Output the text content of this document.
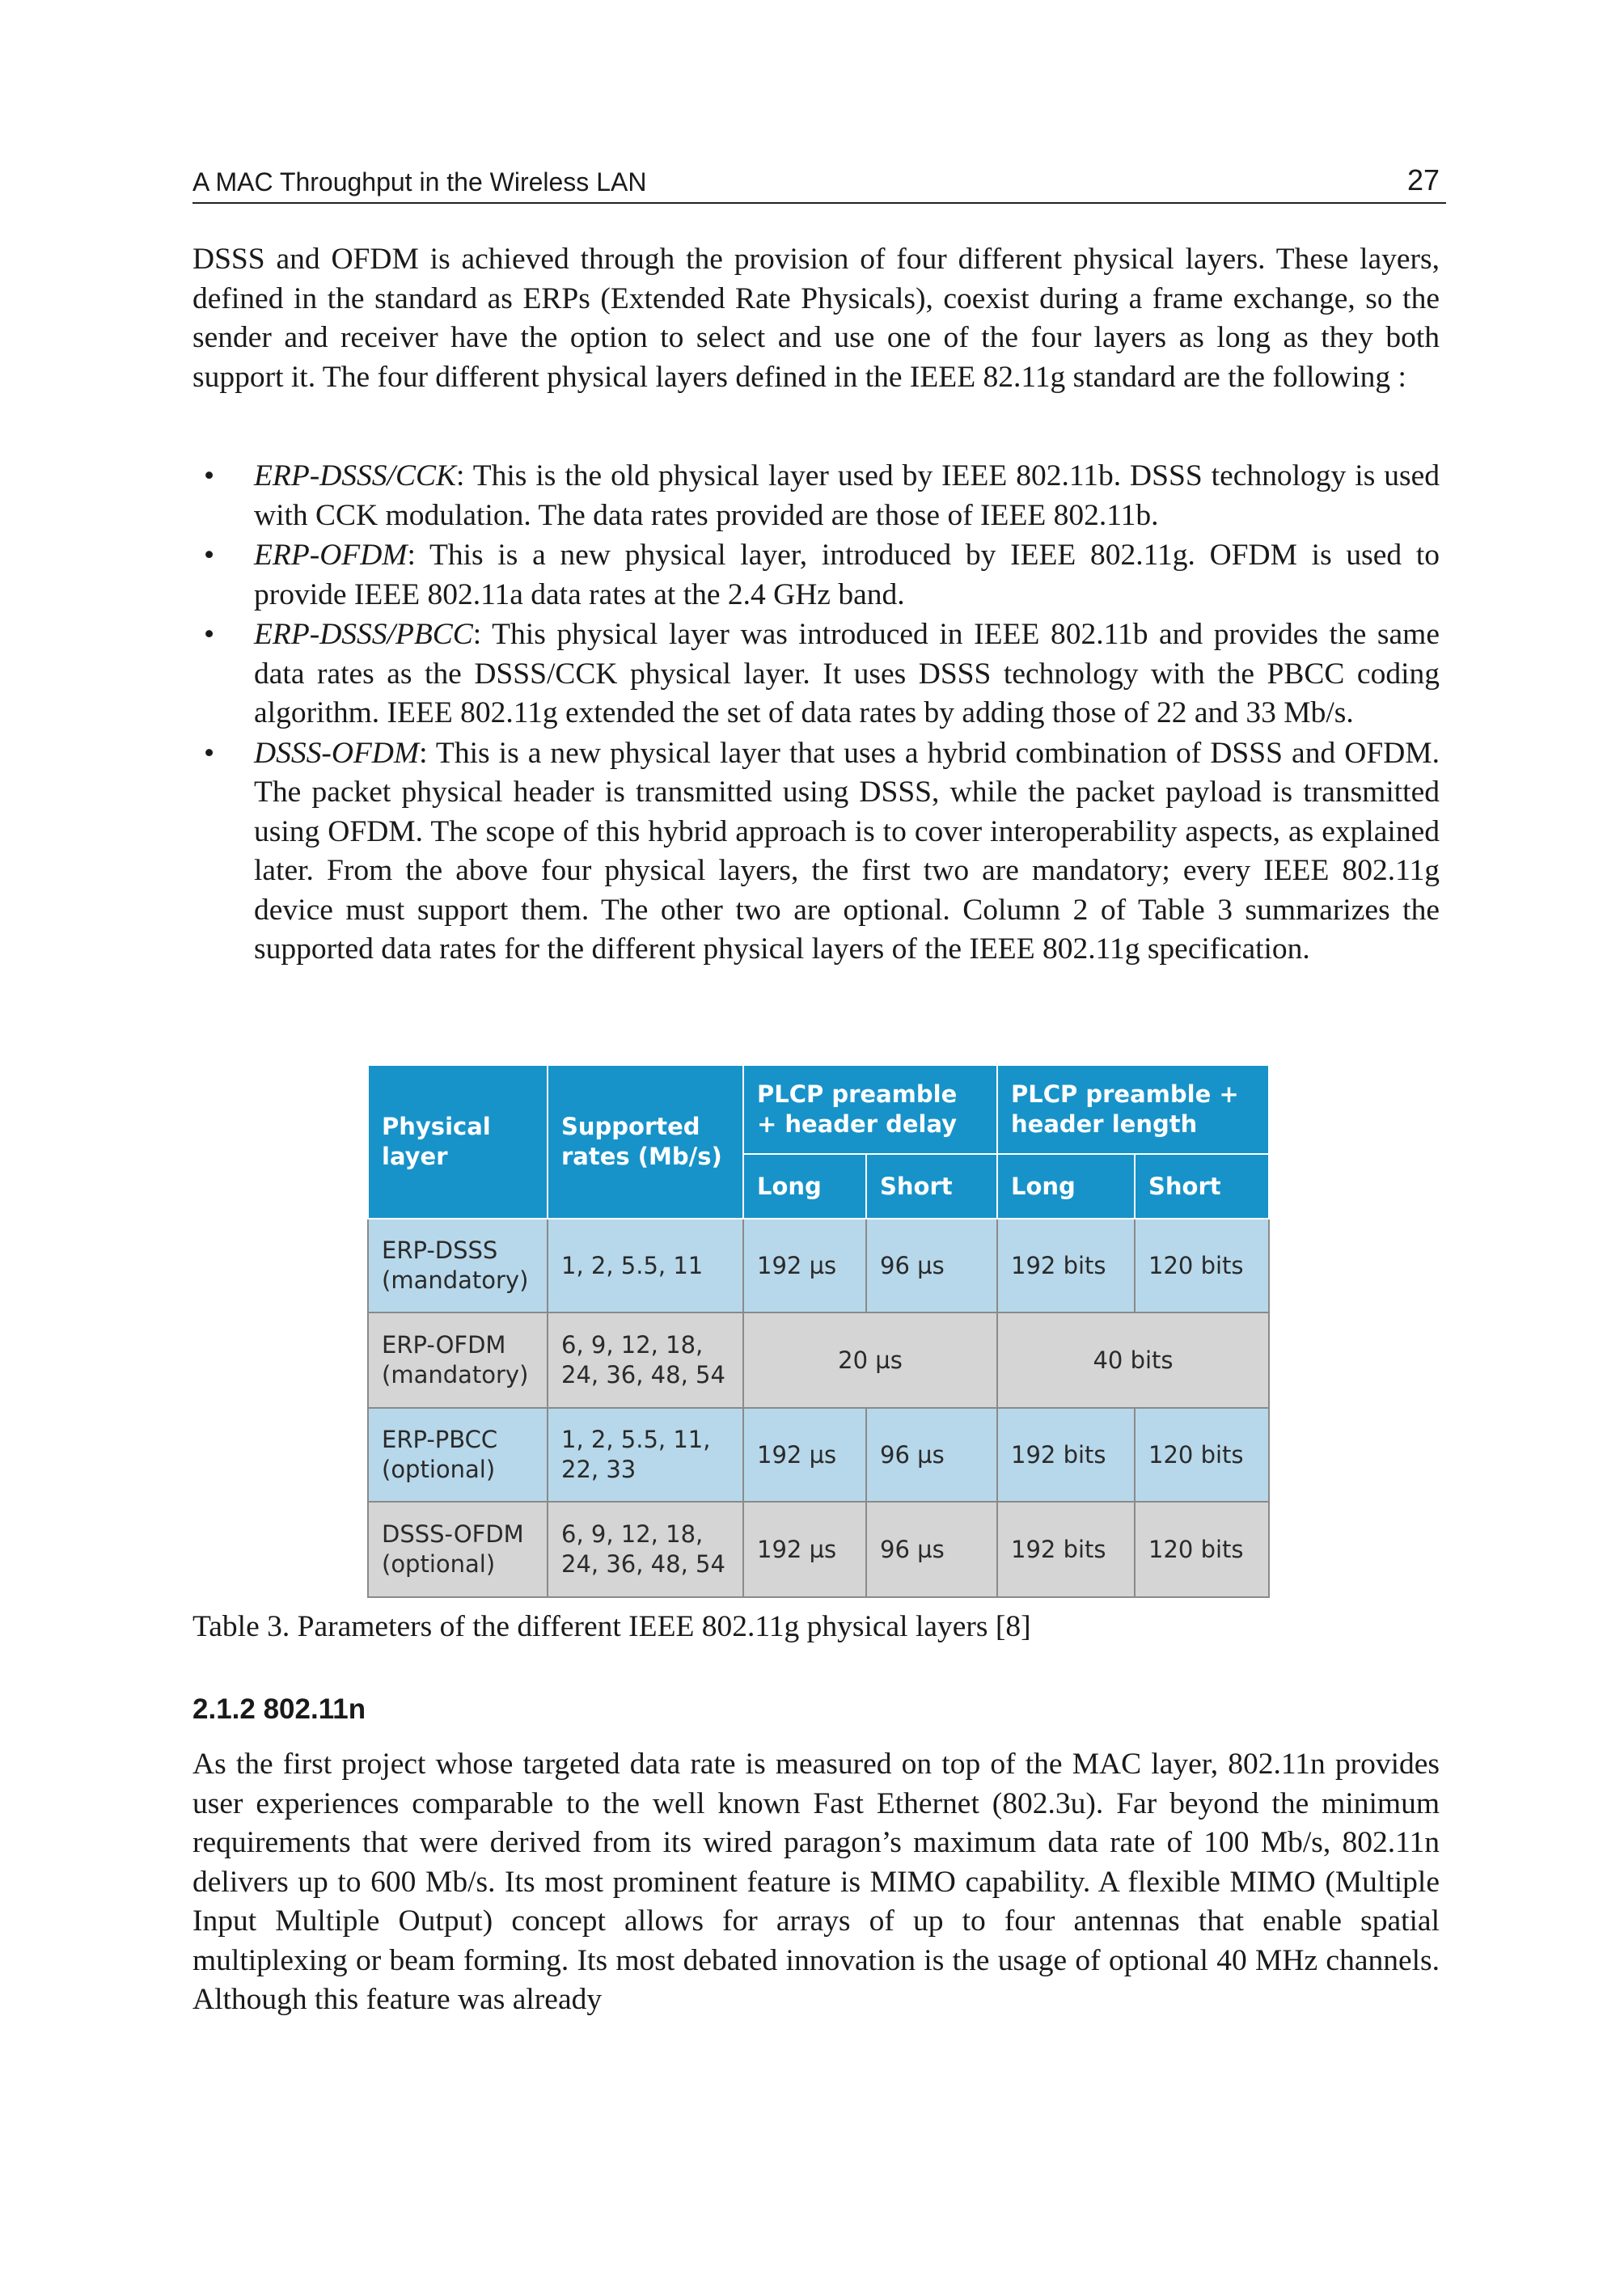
A MAC Throughput in the Wireless LAN	27

DSSS and OFDM is achieved through the provision of four different physical layers. These layers, defined in the standard as ERPs (Extended Rate Physicals), coexist during a frame exchange, so the sender and receiver have the option to select and use one of the four layers as long as they both support it. The four different physical layers defined in the IEEE 82.11g standard are the following :

• ERP-DSSS/CCK: This is the old physical layer used by IEEE 802.11b. DSSS technology is used with CCK modulation. The data rates provided are those of IEEE 802.11b.
• ERP-OFDM: This is a new physical layer, introduced by IEEE 802.11g. OFDM is used to provide IEEE 802.11a data rates at the 2.4 GHz band.
• ERP-DSSS/PBCC: This physical layer was introduced in IEEE 802.11b and provides the same data rates as the DSSS/CCK physical layer. It uses DSSS technology with the PBCC coding algorithm. IEEE 802.11g extended the set of data rates by adding those of 22 and 33 Mb/s.
• DSSS-OFDM: This is a new physical layer that uses a hybrid combination of DSSS and OFDM. The packet physical header is transmitted using DSSS, while the packet payload is transmitted using OFDM. The scope of this hybrid approach is to cover interoperability aspects, as explained later. From the above four physical layers, the first two are mandatory; every IEEE 802.11g device must support them. The other two are optional. Column 2 of Table 3 summarizes the supported data rates for the different physical layers of the IEEE 802.11g specification.
Physical layer	Supported rates (Mb/s)	PLCP preamble + header delay		PLCP preamble + header length	
		Long	Short	Long	Short
ERP-DSSS
(mandatory)	1, 2, 5.5, 11	192 µs	96 µs	192 bits	120 bits
ERP-OFDM
(mandatory)	6, 9, 12, 18, 24, 36, 48, 54	20 µs		40 bits	
ERP-PBCC
(optional)	1, 2, 5.5, 11, 22, 33	192 µs	96 µs	192 bits	120 bits
DSSS-OFDM
(optional)	6, 9, 12, 18, 24, 36, 48, 54	192 µs	96 µs	192 bits	120 bits
Table 3. Parameters of the different IEEE 802.11g physical layers [8]
2.1.2 802.11n

As the first project whose targeted data rate is measured on top of the MAC layer, 802.11n provides user experiences comparable to the well known Fast Ethernet (802.3u). Far beyond the minimum requirements that were derived from its wired paragon’s maximum data rate of 100 Mb/s, 802.11n delivers up to 600 Mb/s. Its most prominent feature is MIMO capability. A flexible MIMO (Multiple Input Multiple Output) concept allows for arrays of up to four antennas that enable spatial multiplexing or beam forming. Its most debated innovation is the usage of optional 40 MHz channels. Although this feature was already
